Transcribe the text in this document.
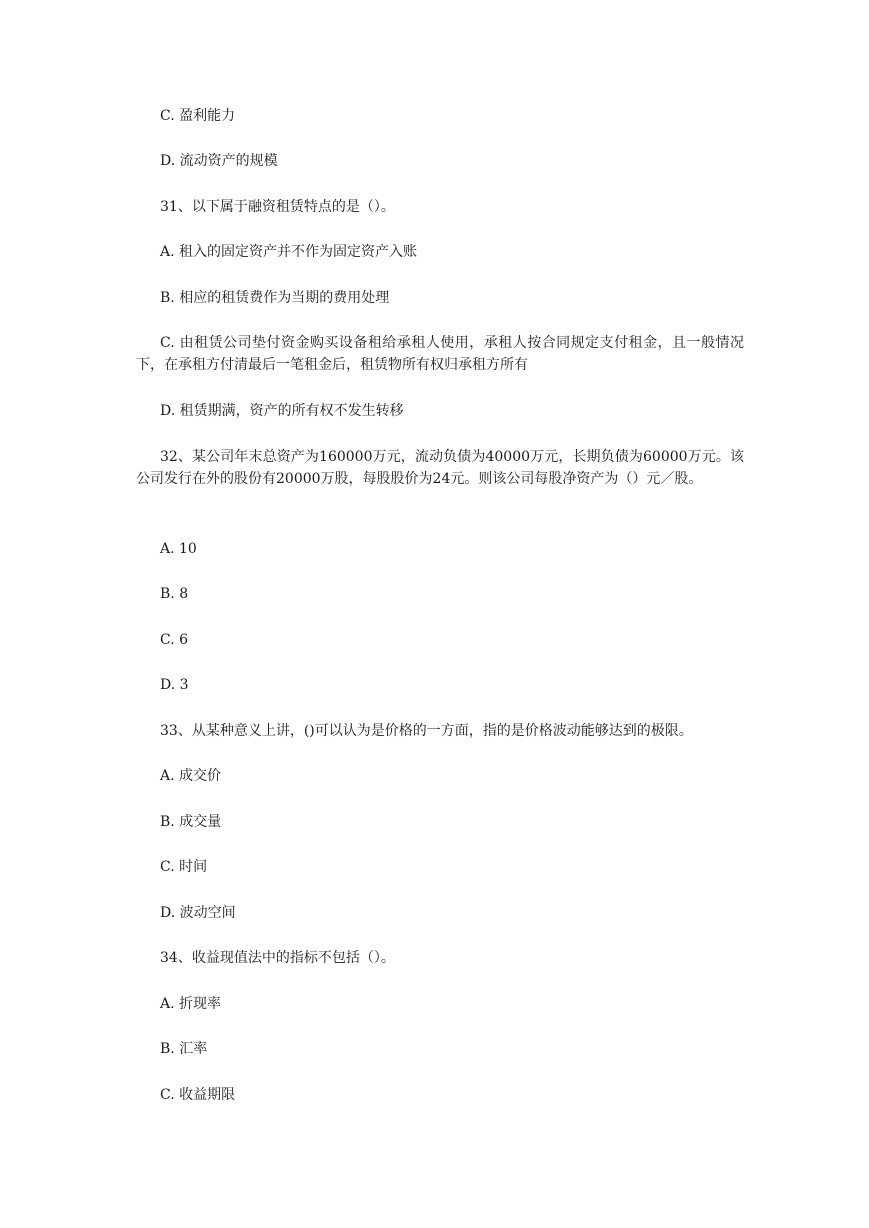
C. 盈利能力
D. 流动资产的规模
31、以下属于融资租赁特点的是（）。
A. 租入的固定资产并不作为固定资产入账
B. 相应的租赁费作为当期的费用处理
C. 由租赁公司垫付资金购买设备租给承租人使用，承租人按合同规定支付租金，且一般情况下，在承租方付清最后一笔租金后，租赁物所有权归承租方所有
D. 租赁期满，资产的所有权不发生转移
32、某公司年末总资产为160000万元，流动负债为40000万元，长期负债为60000万元。该公司发行在外的股份有20000万股，每股股价为24元。则该公司每股净资产为（）元／股。
A. 10
B. 8
C. 6
D. 3
33、从某种意义上讲，()可以认为是价格的一方面，指的是价格波动能够达到的极限。
A. 成交价
B. 成交量
C. 时间
D. 波动空间
34、收益现值法中的指标不包括（）。
A. 折现率
B. 汇率
C. 收益期限
